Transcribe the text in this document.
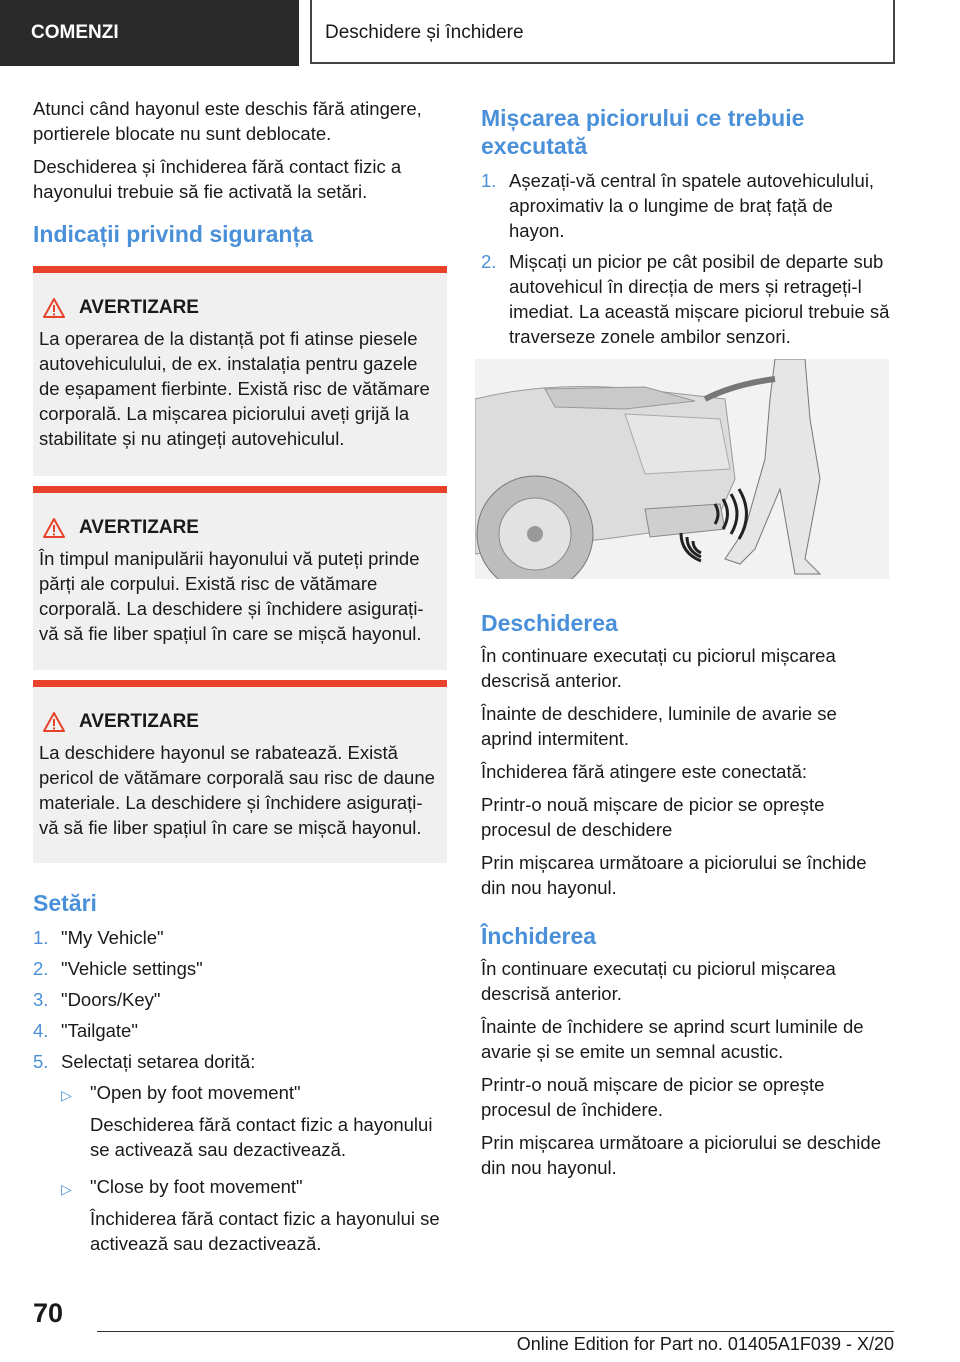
COMENZI	Deschidere și închidere

Atunci când hayonul este deschis fără atingere, portierele blocate nu sunt deblocate.

Deschiderea și închiderea fără contact fizic a hayonului trebuie să fie activată la setări.

Indicații privind siguranța
AVERTIZARE
La operarea de la distanță pot fi atinse piesele autovehiculului, de ex. instalația pentru gazele de eșapament fierbinte. Există risc de vătămare corporală. La mișcarea piciorului aveți grijă la stabilitate și nu atingeți autovehiculul.
AVERTIZARE
În timpul manipulării hayonului vă puteți prinde părți ale corpului. Există risc de vătămare corporală. La deschidere și închidere asigurați-vă să fie liber spațiul în care se mișcă hayonul.
AVERTIZARE
La deschidere hayonul se rabatează. Există pericol de vătămare corporală sau risc de daune materiale. La deschidere și închidere asigurați-vă să fie liber spațiul în care se mișcă hayonul.
Setări
1. "My Vehicle"
2. "Vehicle settings"
3. "Doors/Key"
4. "Tailgate"
5. Selectați setarea dorită:
▷ "Open by foot movement"
Deschiderea fără contact fizic a hayonului se activează sau dezactivează.
▷ "Close by foot movement"
Închiderea fără contact fizic a hayonului se activează sau dezactivează.
Mișcarea piciorului ce trebuie executată
1. Așezați-vă central în spatele autovehiculului, aproximativ la o lungime de braț față de hayon.
2. Mișcați un picior pe cât posibil de departe sub autovehicul în direcția de mers și retrageți-l imediat. La această mișcare piciorul trebuie să traverseze zonele ambilor senzori.
Deschiderea

În continuare executați cu piciorul mișcarea descrisă anterior.

Înainte de deschidere, luminile de avarie se aprind intermitent.

Închiderea fără atingere este conectată:

Printr-o nouă mișcare de picior se oprește procesul de deschidere

Prin mișcarea următoare a piciorului se închide din nou hayonul.

Închiderea

În continuare executați cu piciorul mișcarea descrisă anterior.

Înainte de închidere se aprind scurt luminile de avarie și se emite un semnal acustic.

Printr-o nouă mișcare de picior se oprește procesul de închidere.

Prin mișcarea următoare a piciorului se deschide din nou hayonul.

70
Online Edition for Part no. 01405A1F039 - X/20
